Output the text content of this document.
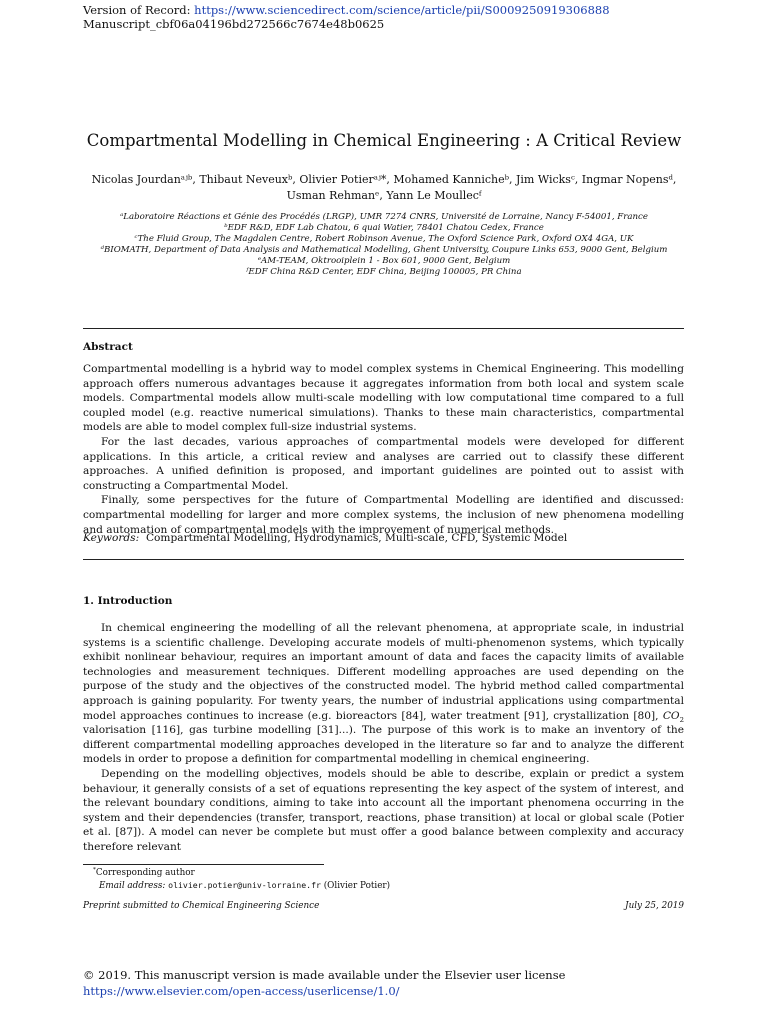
Version of Record: https://www.sciencedirect.com/science/article/pii/S0009250919306888
Manuscript_cbf06a04196bd272566c7674e48b0625
Compartmental Modelling in Chemical Engineering : A Critical Review
Nicolas Jourdanᵃʲᵇ, Thibaut Neveuxᵇ, Olivier Potierᵃʲ*, Mohamed Kannicheᵇ, Jim Wicksᶜ, Ingmar Nopensᵈ,
Usman Rehmanᵉ, Yann Le Moullecᶠ
ᵃLaboratoire Réactions et Génie des Procédés (LRGP), UMR 7274 CNRS, Université de Lorraine, Nancy F-54001, France
ᵇEDF R&D, EDF Lab Chatou, 6 quai Watier, 78401 Chatou Cedex, France
ᶜThe Fluid Group, The Magdalen Centre, Robert Robinson Avenue, The Oxford Science Park, Oxford OX4 4GA, UK
ᵈBIOMATH, Department of Data Analysis and Mathematical Modelling, Ghent University, Coupure Links 653, 9000 Gent, Belgium
ᵉAM-TEAM, Oktrooiplein 1 - Box 601, 9000 Gent, Belgium
ᶠEDF China R&D Center, EDF China, Beijing 100005, PR China
Abstract

Compartmental modelling is a hybrid way to model complex systems in Chemical Engineering. This modelling approach offers numerous advantages because it aggregates information from both local and system scale models. Compartmental models allow multi-scale modelling with low computational time compared to a full coupled model (e.g. reactive numerical simulations). Thanks to these main characteristics, compartmental models are able to model complex full-size industrial systems.

For the last decades, various approaches of compartmental models were developed for different applications. In this article, a critical review and analyses are carried out to classify these different approaches. A unified definition is proposed, and important guidelines are pointed out to assist with constructing a Compartmental Model.

Finally, some perspectives for the future of Compartmental Modelling are identified and discussed: compartmental modelling for larger and more complex systems, the inclusion of new phenomena modelling and automation of compartmental models with the improvement of numerical methods.

Keywords: Compartmental Modelling, Hydrodynamics, Multi-scale, CFD, Systemic Model
1. Introduction

In chemical engineering the modelling of all the relevant phenomena, at appropriate scale, in industrial systems is a scientific challenge. Developing accurate models of multi-phenomenon systems, which typically exhibit nonlinear behaviour, requires an important amount of data and faces the capacity limits of available technologies and measurement techniques. Different modelling approaches are used depending on the purpose of the study and the objectives of the constructed model. The hybrid method called compartmental approach is gaining popularity. For twenty years, the number of industrial applications using compartmental model approaches continues to increase (e.g. bioreactors [84], water treatment [91], crystallization [80], $CO_2$ valorisation [116], gas turbine modelling [31]...). The purpose of this work is to make an inventory of the different compartmental modelling approaches developed in the literature so far and to analyze the different models in order to propose a definition for compartmental modelling in chemical engineering.

Depending on the modelling objectives, models should be able to describe, explain or predict a system behaviour, it generally consists of a set of equations representing the key aspect of the system of interest, and the relevant boundary conditions, aiming to take into account all the important phenomena occurring in the system and their dependencies (transfer, transport, reactions, phase transition) at local or global scale (Potier et al. [87]). A model can never be complete but must offer a good balance between complexity and accuracy therefore relevant

*Corresponding author
Email address: olivier.potier@univ-lorraine.fr (Olivier Potier)
Preprint submitted to Chemical Engineering Science	July 25, 2019
© 2019. This manuscript version is made available under the Elsevier user license
https://www.elsevier.com/open-access/userlicense/1.0/
